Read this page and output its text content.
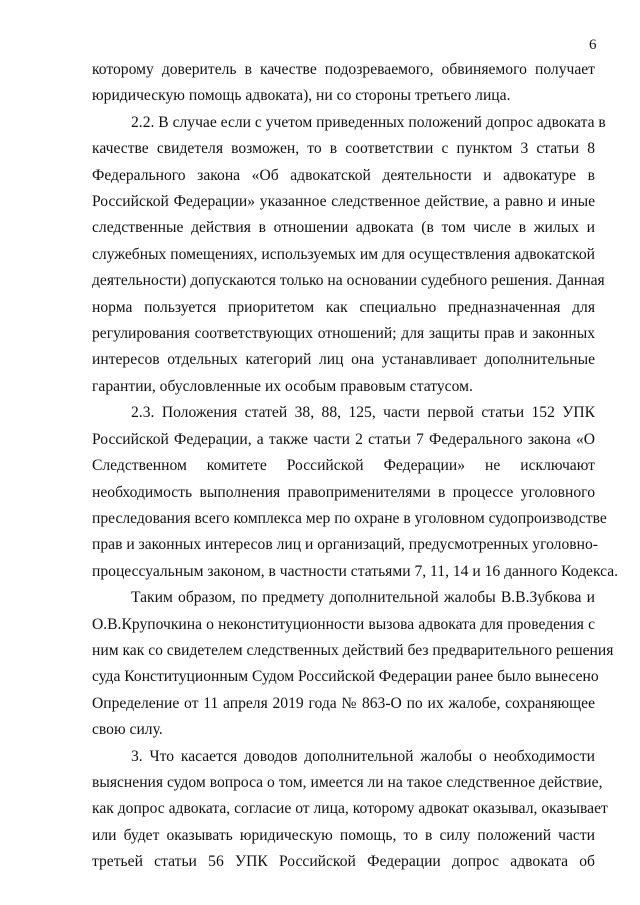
6

которому доверитель в качестве подозреваемого, обвиняемого получает
юридическую помощь адвоката), ни со стороны третьего лица.

2.2. В случае если с учетом приведенных положений допрос адвоката в
качестве свидетеля возможен, то в соответствии с пунктом 3 статьи 8
Федерального закона «Об адвокатской деятельности и адвокатуре в
Российской Федерации» указанное следственное действие, а равно и иные
следственные действия в отношении адвоката (в том числе в жилых и
служебных помещениях, используемых им для осуществления адвокатской
деятельности) допускаются только на основании судебного решения. Данная
норма пользуется приоритетом как специально предназначенная для
регулирования соответствующих отношений; для защиты прав и законных
интересов отдельных категорий лиц она устанавливает дополнительные
гарантии, обусловленные их особым правовым статусом.

2.3. Положения статей 38, 88, 125, части первой статьи 152 УПК
Российской Федерации, а также части 2 статьи 7 Федерального закона «О
Следственном комитете Российской Федерации» не исключают
необходимость выполнения правоприменителями в процессе уголовного
преследования всего комплекса мер по охране в уголовном судопроизводстве
прав и законных интересов лиц и организаций, предусмотренных уголовно-
процессуальным законом, в частности статьями 7, 11, 14 и 16 данного Кодекса.

Таким образом, по предмету дополнительной жалобы В.В.Зубкова и
О.В.Крупочкина о неконституционности вызова адвоката для проведения с
ним как со свидетелем следственных действий без предварительного решения
суда Конституционным Судом Российской Федерации ранее было вынесено
Определение от 11 апреля 2019 года № 863-О по их жалобе, сохраняющее
свою силу.

3. Что касается доводов дополнительной жалобы о необходимости
выяснения судом вопроса о том, имеется ли на такое следственное действие,
как допрос адвоката, согласие от лица, которому адвокат оказывал, оказывает
или будет оказывать юридическую помощь, то в силу положений части
третьей статьи 56 УПК Российской Федерации допрос адвоката об
